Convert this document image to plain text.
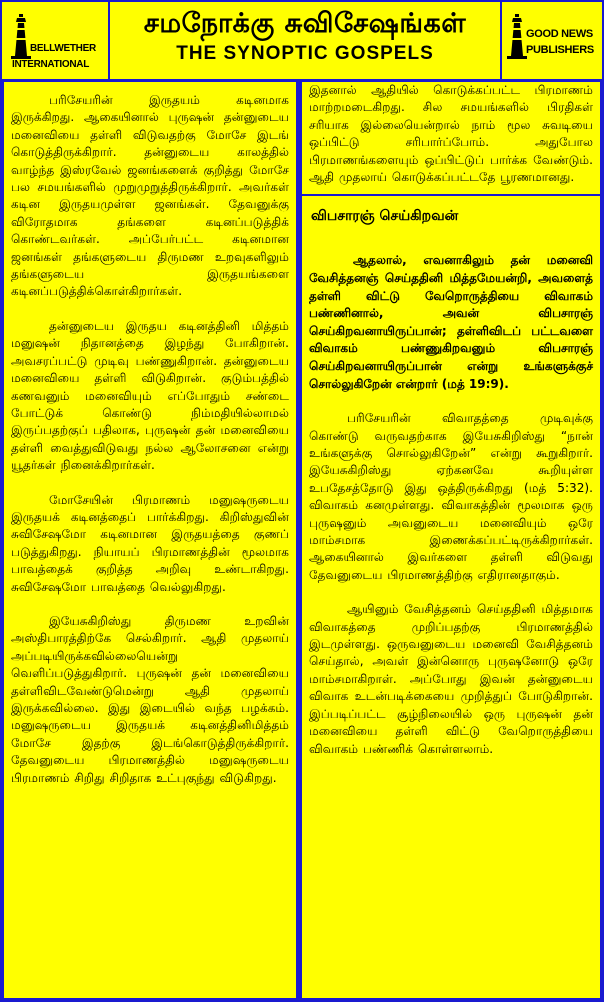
BELLWETHER
INTERNATIONAL
சமநோக்கு சுவிசேஷங்கள்
THE SYNOPTIC GOSPELS
GOOD NEWS
PUBLISHERS

பரிசேயரின் இருதயம் கடினமாக இருக்கிறது. ஆகையினால் புருஷன் தன்னுடைய மனைவியை தள்ளி விடுவதற்கு மோசே இடங் கொடுத்திருக்கிறார். தன்னுடைய காலத்தில் வாழ்ந்த இஸ்ரவேல் ஜனங்களைக் குறித்து மோசே பல சமயங்களில் முறுமுறுத்திருக்கிறார். அவர்கள் கடின இருதயமுள்ள ஜனங்கள். தேவனுக்கு விரோதமாக தங்களை கடினப்படுத்திக் கொண்டவர்கள். அப்பேர்பட்ட கடினமான ஜனங்கள் தங்களுடைய திருமண உறவுகளிலும் தங்களுடைய இருதயங்களை கடினப்படுத்திக்கொள்கிறார்கள்.

தன்னுடைய இருதய கடினத்தினி மித்தம் மனுஷன் நிதானத்தை இழந்து போகிறான். அவசரப்பட்டு முடிவு பண்ணுகிறான். தன்னுடைய மனைவியை தள்ளி விடுகிறான். குடும்பத்தில் கணவனும் மனைவியும் எப்போதும் சண்டை போட்டுக் கொண்டு நிம்மதியில்லாமல் இருப்பதற்குப் பதிலாக, புருஷன் தன் மனைவியை தள்ளி வைத்துவிடுவது நல்ல ஆலோசனை என்று யூதர்கள் நினைக்கிறார்கள்.

மோசேயின் பிரமாணம் மனுஷருடைய இருதயக் கடினத்தைப் பார்க்கிறது. கிறிஸ்துவின் சுவிசேஷமோ கடினமான இருதயத்தை குணப் படுத்துகிறது. நியாயப் பிரமாணத்தின் மூலமாக பாவத்தைக் குறித்த அறிவு உண்டாகிறது. சுவிசேஷமோ பாவத்தை வெல்லுகிறது.

இயேசுகிறிஸ்து திருமண உறவின் அஸ்திபாரத்திற்கே செல்கிறார். ஆதி முதலாய் அப்படியிருக்கவில்லையென்று வெளிப்படுத்துகிறார். புருஷன் தன் மனைவியை தள்ளிவிடவேண்டுமென்று ஆதி முதலாய் இருக்கவில்லை. இது இடையில் வந்த பழக்கம். மனுஷருடைய இருதயக் கடினத்தினிமித்தம் மோசே இதற்கு இடங்கொடுத்திருக்கிறார். தேவனுடைய பிரமாணத்தில் மனுஷருடைய பிரமாணம் சிறிது சிறிதாக உட்புகுந்து விடுகிறது.

இதனால் ஆதியில் கொடுக்கப்பட்ட பிரமாணம் மாற்றமடைகிறது. சில சமயங்களில் பிரதிகள் சரியாக இல்லையென்றால் நாம் மூல சுவடியை ஒப்பிட்டு சரிபார்ப்போம். அதுபோல பிரமாணங்களையும் ஒப்பிட்டுப் பார்க்க வேண்டும். ஆதி முதலாய் கொடுக்கப்பட்டதே பூரணமானது.

விபசாரஞ் செய்கிறவன்

ஆதலால், எவனாகிலும் தன் மனைவி வேசித்தனஞ் செய்ததினி மித்தமேயன்றி, அவளைத் தள்ளி விட்டு வேறொருத்தியை விவாகம் பண்ணினால், அவன் விபசாரஞ் செய்கிறவனாயிருப்பான்; தள்ளிவிடப் பட்டவளை விவாகம் பண்ணுகிறவனும் விபசாரஞ் செய்கிறவனாயிருப்பான் என்று உங்களுக்குச் சொல்லுகிறேன் என்றார் (மத் 19:9).

பரிசேயரின் விவாதத்தை முடிவுக்கு கொண்டு வருவதற்காக இயேசுகிறிஸ்து “நான் உங்களுக்கு சொல்லுகிறேன்” என்று கூறுகிறார். இயேசுகிறிஸ்து ஏற்கனவே கூறியுள்ள உபதேசத்தோடு இது ஒத்திருக்கிறது (மத் 5:32). விவாகம் கனமுள்ளது. விவாகத்தின் மூலமாக ஒரு புருஷனும் அவனுடைய மனைவியும் ஒரே மாம்சமாக இணைக்கப்பட்டிருக்கிறார்கள். ஆகையினால் இவர்களை தள்ளி விடுவது தேவனுடைய பிரமாணத்திற்கு எதிரானதாகும்.

ஆயினும் வேசித்தனம் செய்ததினி மித்தமாக விவாகத்தை முறிப்பதற்கு பிரமாணத்தில் இடமுள்ளது. ஒருவனுடைய மனைவி வேசித்தனம் செய்தால், அவள் இன்னொரு புருஷனோடு ஒரே மாம்சமாகிறாள். அப்போது இவன் தன்னுடைய விவாக உடன்படிக்கையை முறித்துப் போடுகிறான். இப்படிப்பட்ட சூழ்நிலையில் ஒரு புருஷன் தன் மனைவியை தள்ளி விட்டு வேறொருத்தியை விவாகம் பண்ணிக் கொள்ளலாம்.
